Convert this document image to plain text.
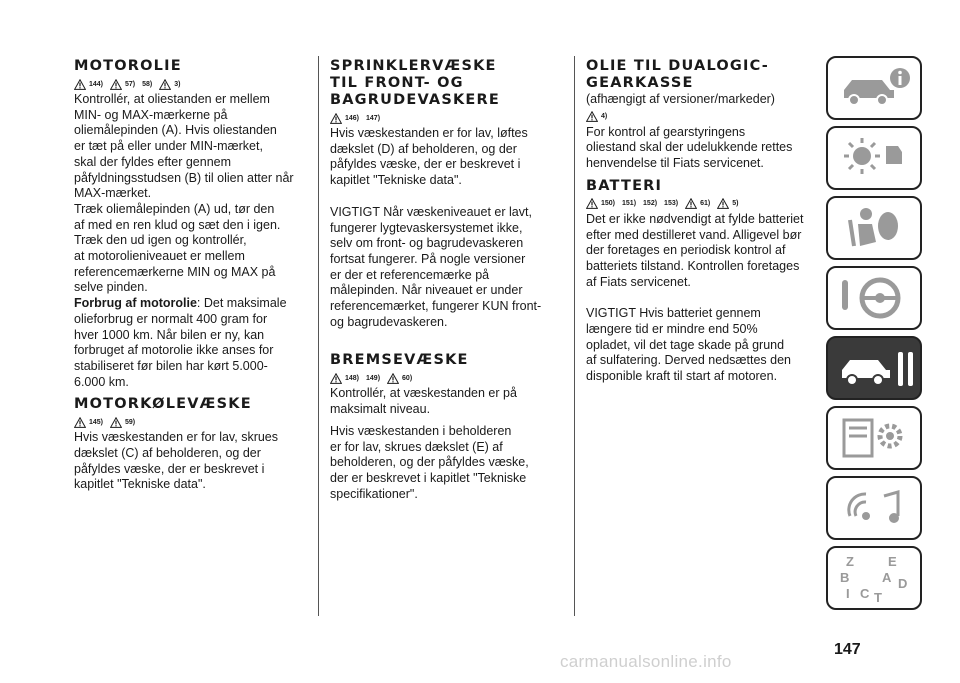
MOTOROLIE
144)	57) 58)	3)

Kontrollér, at oliestanden er mellem
MIN- og MAX-mærkerne på
oliemålepinden (A). Hvis oliestanden
er tæt på eller under MIN-mærket,
skal der fyldes efter gennem
påfyldningsstudsen (B) til olien atter når
MAX-mærket.
Træk oliemålepinden (A) ud, tør den
af med en ren klud og sæt den i igen.
Træk den ud igen og kontrollér,
at motorolieniveauet er mellem
referencemærkerne MIN og MAX på
selve pinden.

Forbrug af motorolie: Det maksimale
olieforbrug er normalt 400 gram for
hver 1000 km. Når bilen er ny, kan
forbruget af motorolie ikke anses for
stabiliseret før bilen har kørt 5.000-
6.000 km.

MOTORKØLEVÆSKE
145)	59)

Hvis væskestanden er for lav, skrues
dækslet (C) af beholderen, og der
påfyldes væske, der er beskrevet i
kapitlet "Tekniske data".

SPRINKLERVÆSKE
TIL FRONT- OG
BAGRUDEVASKERE
146) 147)

Hvis væskestanden er for lav, løftes
dækslet (D) af beholderen, og der
påfyldes væske, der er beskrevet i
kapitlet "Tekniske data".

VIGTIGT Når væskeniveauet er lavt,
fungerer lygtevaskersystemet ikke,
selv om front- og bagrudevaskeren
fortsat fungerer. På nogle versioner
er der et referencemærke på
målepinden. Når niveauet er under
referencemærket, fungerer KUN front-
og bagrudevaskeren.

BREMSEVÆSKE
148) 149)	60)

Kontrollér, at væskestanden er på
maksimalt niveau.

Hvis væskestanden i beholderen
er for lav, skrues dækslet (E) af
beholderen, og der påfyldes væske,
der er beskrevet i kapitlet "Tekniske
specifikationer".

OLIE TIL DUALOGIC-
GEARKASSE

(afhængigt af versioner/markeder)

4)

For kontrol af gearstyringens
oliestand skal der udelukkende rettes
henvendelse til Fiats servicenet.

BATTERI
150) 151) 152) 153)	61)	5)

Det er ikke nødvendigt at fylde batteriet
efter med destilleret vand. Alligevel bør
der foretages en periodisk kontrol af
batteriets tilstand. Kontrollen foretages
af Fiats servicenet.

VIGTIGT Hvis batteriet gennem
længere tid er mindre end 50%
opladet, vil det tage skade på grund
af sulfatering. Derved nedsættes den
disponible kraft til start af motoren.

Z	E
B	A D
I C T
147
carmanualsonline.info
